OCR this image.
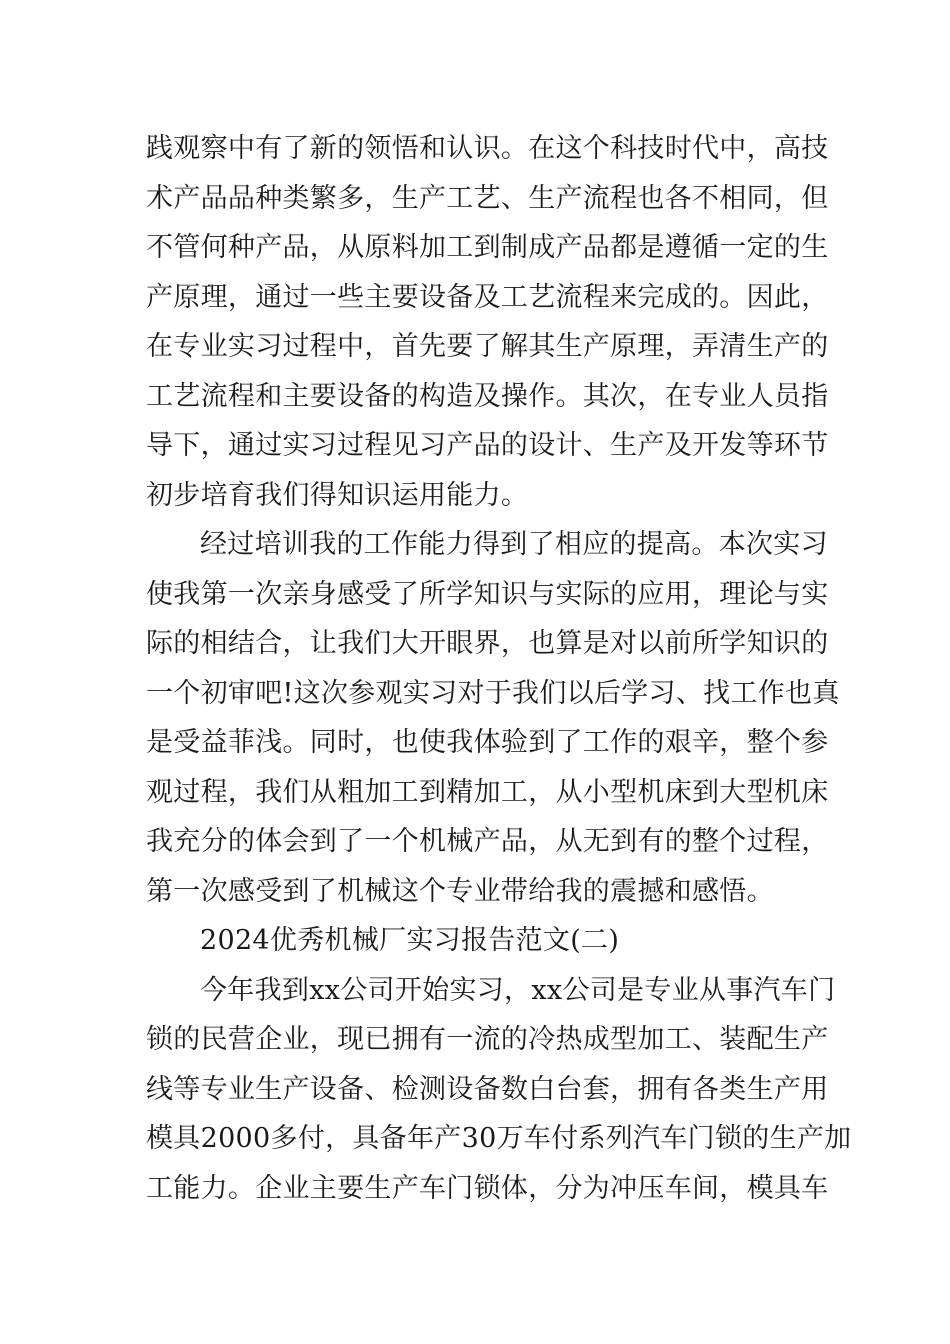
践观察中有了新的领悟和认识。在这个科技时代中，高技
术产品品种类繁多，生产工艺、生产流程也各不相同，但
不管何种产品，从原料加工到制成产品都是遵循一定的生
产原理，通过一些主要设备及工艺流程来完成的。因此，
在专业实习过程中，首先要了解其生产原理，弄清生产的
工艺流程和主要设备的构造及操作。其次，在专业人员指
导下，通过实习过程见习产品的设计、生产及开发等环节
初步培育我们得知识运用能力。
经过培训我的工作能力得到了相应的提高。本次实习
使我第一次亲身感受了所学知识与实际的应用，理论与实
际的相结合，让我们大开眼界，也算是对以前所学知识的
一个初审吧!这次参观实习对于我们以后学习、找工作也真
是受益菲浅。同时，也使我体验到了工作的艰辛，整个参
观过程，我们从粗加工到精加工，从小型机床到大型机床
我充分的体会到了一个机械产品，从无到有的整个过程，
第一次感受到了机械这个专业带给我的震撼和感悟。
2024优秀机械厂实习报告范文(二)
今年我到xx公司开始实习，xx公司是专业从事汽车门
锁的民营企业，现已拥有一流的冷热成型加工、装配生产
线等专业生产设备、检测设备数白台套，拥有各类生产用
模具2000多付，具备年产30万车付系列汽车门锁的生产加
工能力。企业主要生产车门锁体，分为冲压车间，模具车
